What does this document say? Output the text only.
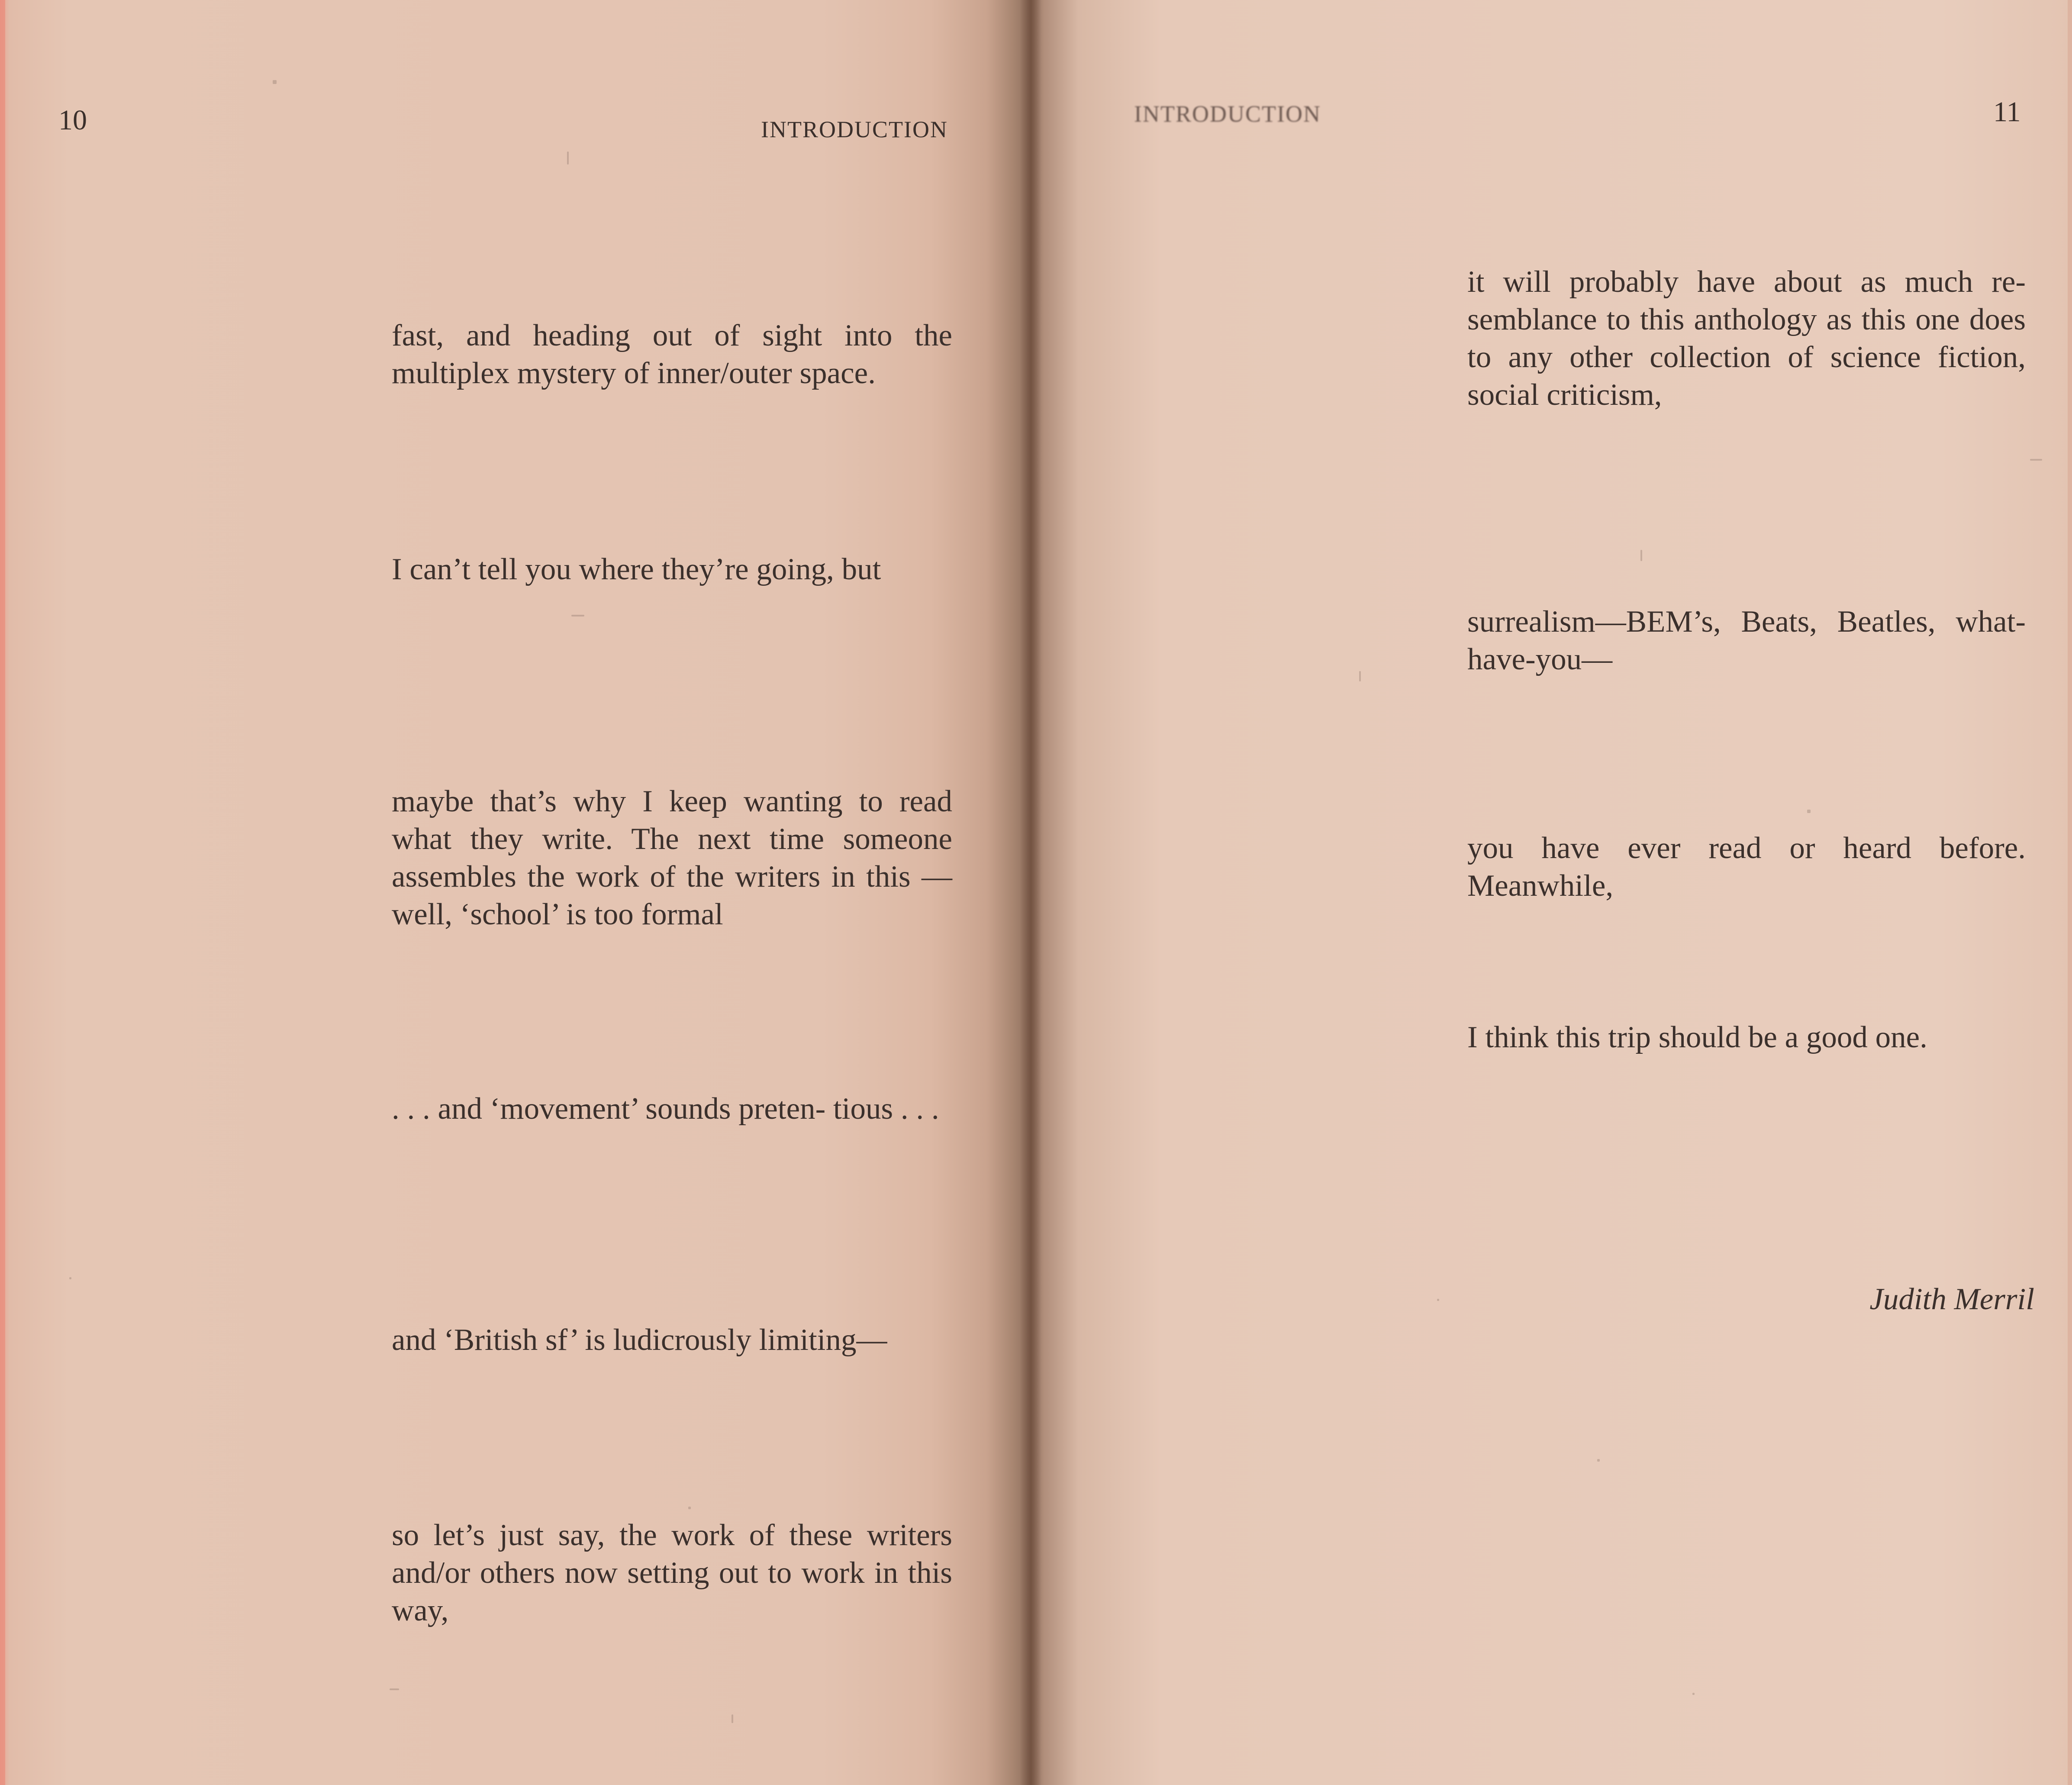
10	INTRODUCTION

fast, and heading out of sight into the multiplex mystery of inner/outer space.

I can’t tell you where they’re going, but

maybe that’s why I keep wanting to read what they write. The next time someone assembles the work of the writers in this —well, ‘school’ is too formal

. . . and ‘movement’ sounds preten- tious . . .

and ‘British sf’ is ludicrously limiting—

so let’s just say, the work of these writers and/or others now setting out to work in this way,

INTRODUCTION	11

it will probably have about as much re- semblance to this anthology as this one does to any other collection of science fiction, social criticism,

surrealism—BEM’s, Beats, Beatles, what- have-you—

you have ever read or heard before. Meanwhile,

I think this trip should be a good one.

Judith Merril
